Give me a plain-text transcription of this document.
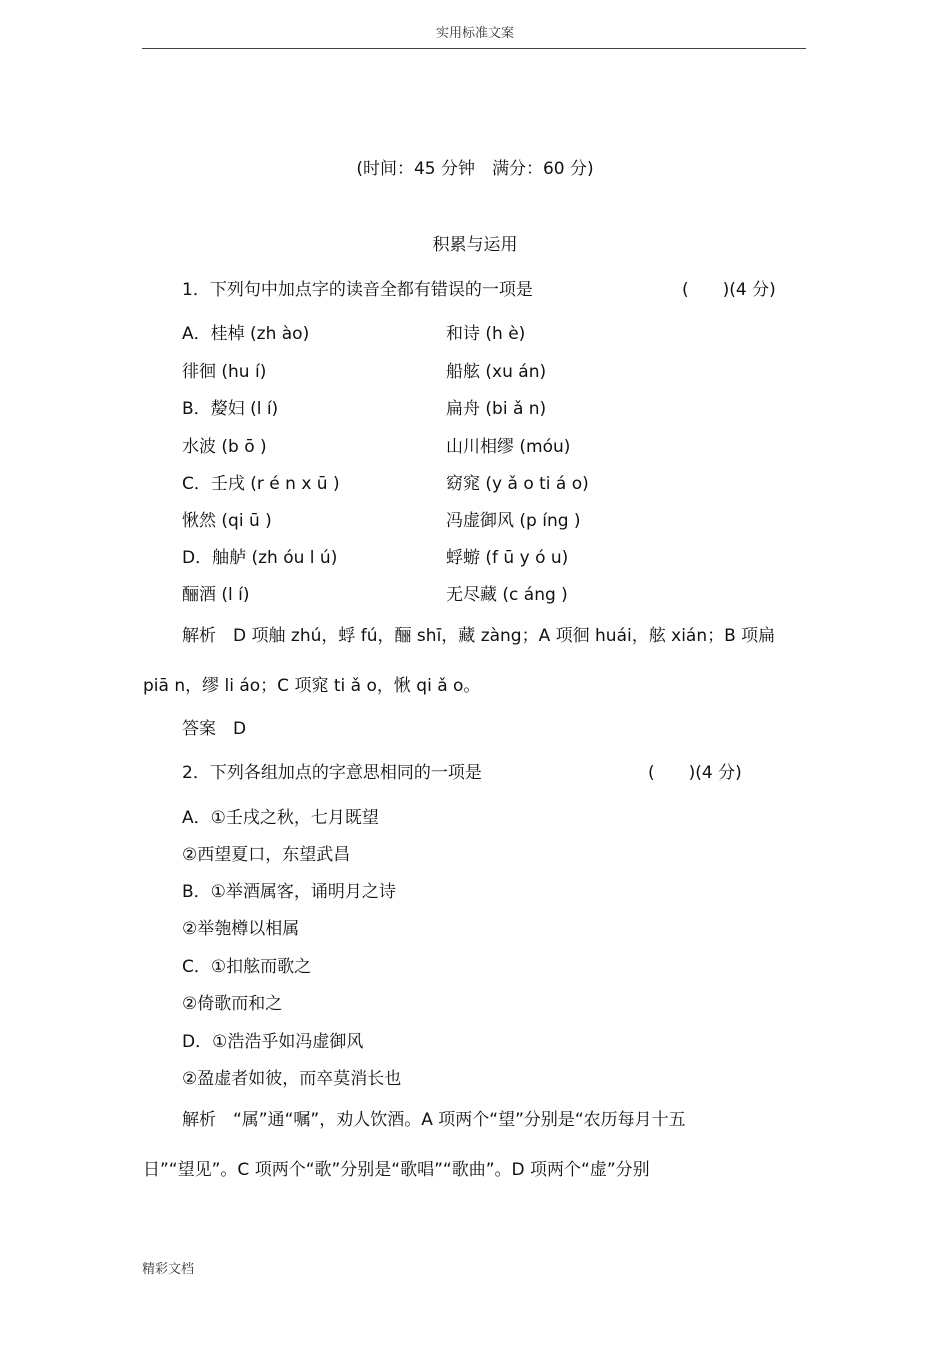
实用标准文案
(时间：45 分钟　满分：60 分)
积累与运用
1．下列句中加点字的读音全都有错误的一项是	(　　)(4 分)
A．桂棹 (zh ào)	和诗 (h è)
徘徊 (hu í)	船舷 (xu án)
B．嫠妇 (l í)	扁舟 (bi ǎ n)
水波 (b ō )	山川相缪 (móu)
C．壬戌 (r é n x ū )	窈窕 (y ǎ o ti á o)
愀然 (qi ū )	冯虚御风 (p íng )
D．舳舻 (zh óu l ú)	蜉蝣 (f ū y ó u)
酾酒 (l í)	无尽藏 (c áng )
解析　D 项舳 zhú，蜉 fú，酾 shī，藏 zàng；A 项徊 huái，舷 xián；B 项扁
piā n，缪 li áo；C 项窕 ti ǎ o，愀 qi ǎ o。
答案　D
2．下列各组加点的字意思相同的一项是	(　　)(4 分)
A．①壬戌之秋，七月既望
②西望夏口，东望武昌
B．①举酒属客，诵明月之诗
②举匏樽以相属
C．①扣舷而歌之
②倚歌而和之
D．①浩浩乎如冯虚御风
②盈虚者如彼，而卒莫消长也
解析　“属”通“嘱”，劝人饮酒。A 项两个“望”分别是“农历每月十五
日”“望见”。C 项两个“歌”分别是“歌唱”“歌曲”。D 项两个“虚”分别
精彩文档
